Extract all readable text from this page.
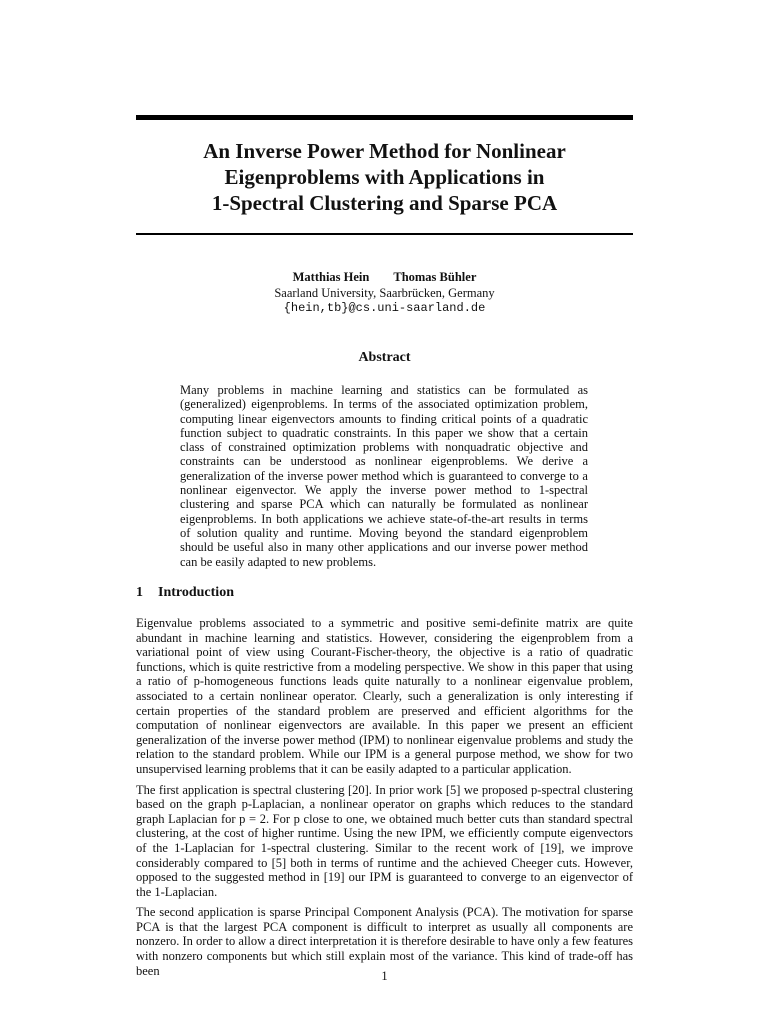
An Inverse Power Method for Nonlinear
Eigenproblems with Applications in
1-Spectral Clustering and Sparse PCA
Matthias Hein Thomas Bühler
Saarland University, Saarbrücken, Germany
{hein,tb}@cs.uni-saarland.de
Abstract
Many problems in machine learning and statistics can be formulated as (generalized) eigenproblems. In terms of the associated optimization problem, computing linear eigenvectors amounts to finding critical points of a quadratic function subject to quadratic constraints. In this paper we show that a certain class of constrained optimization problems with nonquadratic objective and constraints can be understood as nonlinear eigenproblems. We derive a generalization of the inverse power method which is guaranteed to converge to a nonlinear eigenvector. We apply the inverse power method to 1-spectral clustering and sparse PCA which can naturally be formulated as nonlinear eigenproblems. In both applications we achieve state-of-the-art results in terms of solution quality and runtime. Moving beyond the standard eigenproblem should be useful also in many other applications and our inverse power method can be easily adapted to new problems.
1 Introduction

Eigenvalue problems associated to a symmetric and positive semi-definite matrix are quite abundant in machine learning and statistics. However, considering the eigenproblem from a variational point of view using Courant-Fischer-theory, the objective is a ratio of quadratic functions, which is quite restrictive from a modeling perspective. We show in this paper that using a ratio of p-homogeneous functions leads quite naturally to a nonlinear eigenvalue problem, associated to a certain nonlinear operator. Clearly, such a generalization is only interesting if certain properties of the standard problem are preserved and efficient algorithms for the computation of nonlinear eigenvectors are available. In this paper we present an efficient generalization of the inverse power method (IPM) to nonlinear eigenvalue problems and study the relation to the standard problem. While our IPM is a general purpose method, we show for two unsupervised learning problems that it can be easily adapted to a particular application.

The first application is spectral clustering [20]. In prior work [5] we proposed p-spectral clustering based on the graph p-Laplacian, a nonlinear operator on graphs which reduces to the standard graph Laplacian for p = 2. For p close to one, we obtained much better cuts than standard spectral clustering, at the cost of higher runtime. Using the new IPM, we efficiently compute eigenvectors of the 1-Laplacian for 1-spectral clustering. Similar to the recent work of [19], we improve considerably compared to [5] both in terms of runtime and the achieved Cheeger cuts. However, opposed to the suggested method in [19] our IPM is guaranteed to converge to an eigenvector of the 1-Laplacian.

The second application is sparse Principal Component Analysis (PCA). The motivation for sparse PCA is that the largest PCA component is difficult to interpret as usually all components are nonzero. In order to allow a direct interpretation it is therefore desirable to have only a few features with nonzero components but which still explain most of the variance. This kind of trade-off has been	1
